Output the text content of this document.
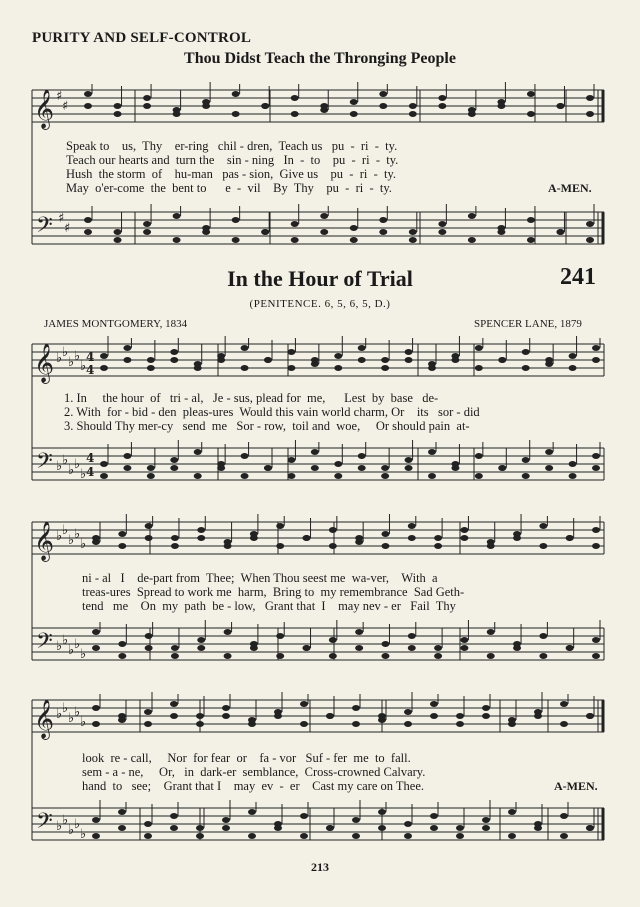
PURITY AND SELF-CONTROL
Thou Didst Teach the Thronging People
𝄞 ♯
♯
𝄢 ♯
♯
𝄞 ♭ ♭
♭ ♭
♭
4
4
𝄢 ♭ ♭
♭ ♭
♭
4
4
𝄞 ♭ ♭
♭ ♭
♭
𝄢 ♭ ♭
♭ ♭
♭
𝄞 ♭ ♭
♭ ♭
♭
𝄢 ♭ ♭
♭ ♭
♭
Speak to    us,  Thy    er-ring   chil - dren,  Teach us   pu  -  ri  -  ty.
Teach our hearts and  turn the    sin - ning   In  -  to    pu  -  ri  -  ty.
Hush  the storm  of    hu-man   pas - sion,  Give us    pu  -  ri  -  ty.
May  o'er-come  the  bent to      e  -  vil    By  Thy    pu  -  ri  -  ty.	A-MEN.
In the Hour of Trial	241
(PENITENCE. 6, 5, 6, 5, D.)
JAMES MONTGOMERY, 1834	SPENCER LANE, 1879
1. In     the hour  of   tri - al,   Je - sus, plead for  me,      Lest  by  base   de-
2. With  for - bid - den  pleas-ures  Would this vain world charm, Or    its   sor - did
3. Should Thy mer-cy   send  me   Sor - row,  toil and  woe,     Or should pain  at-
ni - al   I    de-part from  Thee;  When Thou seest me  wa-ver,    With  a
treas-ures  Spread to work me  harm,  Bring to  my remembrance  Sad Geth-
tend   me    On  my  path  be - low,   Grant that  I    may nev - er   Fail  Thy
look  re - call,     Nor  for fear  or    fa - vor   Suf - fer  me  to  fall.
sem - a - ne,     Or,   in  dark-er  semblance,  Cross-crowned Calvary.
hand  to   see;    Grant that I    may  ev  -  er    Cast my care on Thee.	A-MEN.
213
